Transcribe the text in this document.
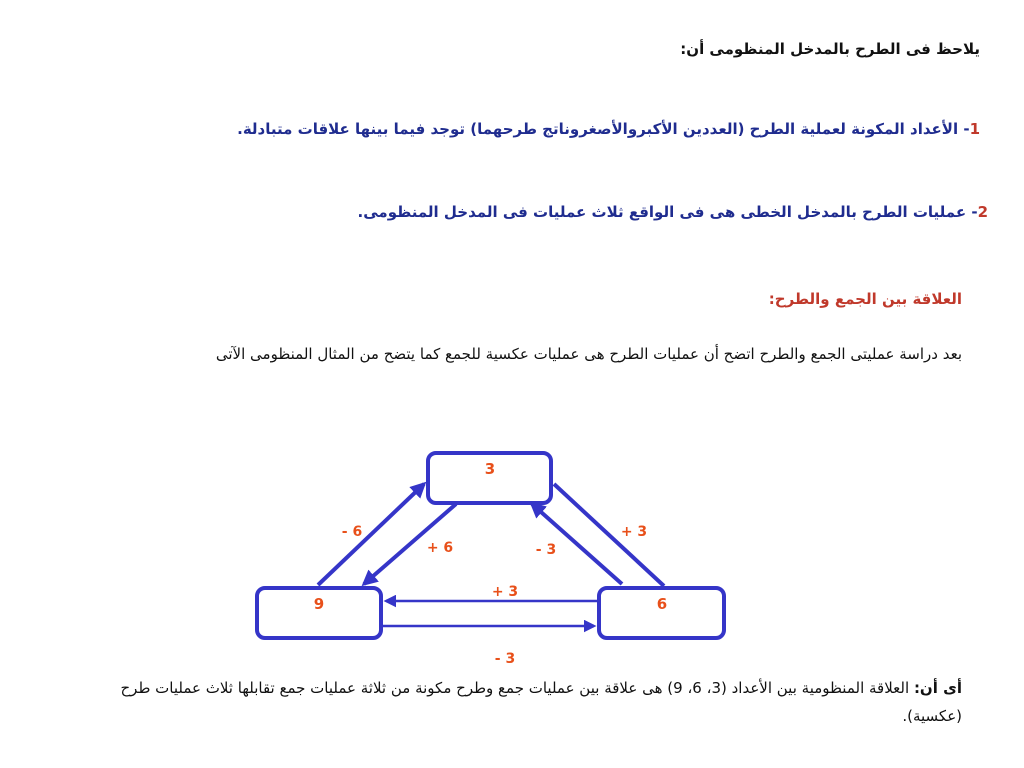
يلاحظ فى الطرح بالمدخل المنظومى أن:
1- الأعداد المكونة لعملية الطرح (العددين الأكبروالأصغروناتج طرحهما) توجد فيما بينها علاقات متبادلة.
2- عمليات الطرح بالمدخل الخطى هى فى الواقع ثلاث عمليات فى المدخل المنظومى.
العلاقة بين الجمع والطرح:
بعد دراسة عمليتى الجمع والطرح اتضح أن عمليات الطرح هى عمليات عكسية للجمع كما يتضح من المثال المنظومى الآتى
3
9	6
- 6
+ 6
+ 3
- 3
+ 3
- 3
أى أن: العلاقة المنظومية بين الأعداد (3، 6، 9) هى علاقة بين عمليات جمع وطرح مكونة من ثلاثة عمليات جمع تقابلها ثلاث عمليات طرح (عكسية).
